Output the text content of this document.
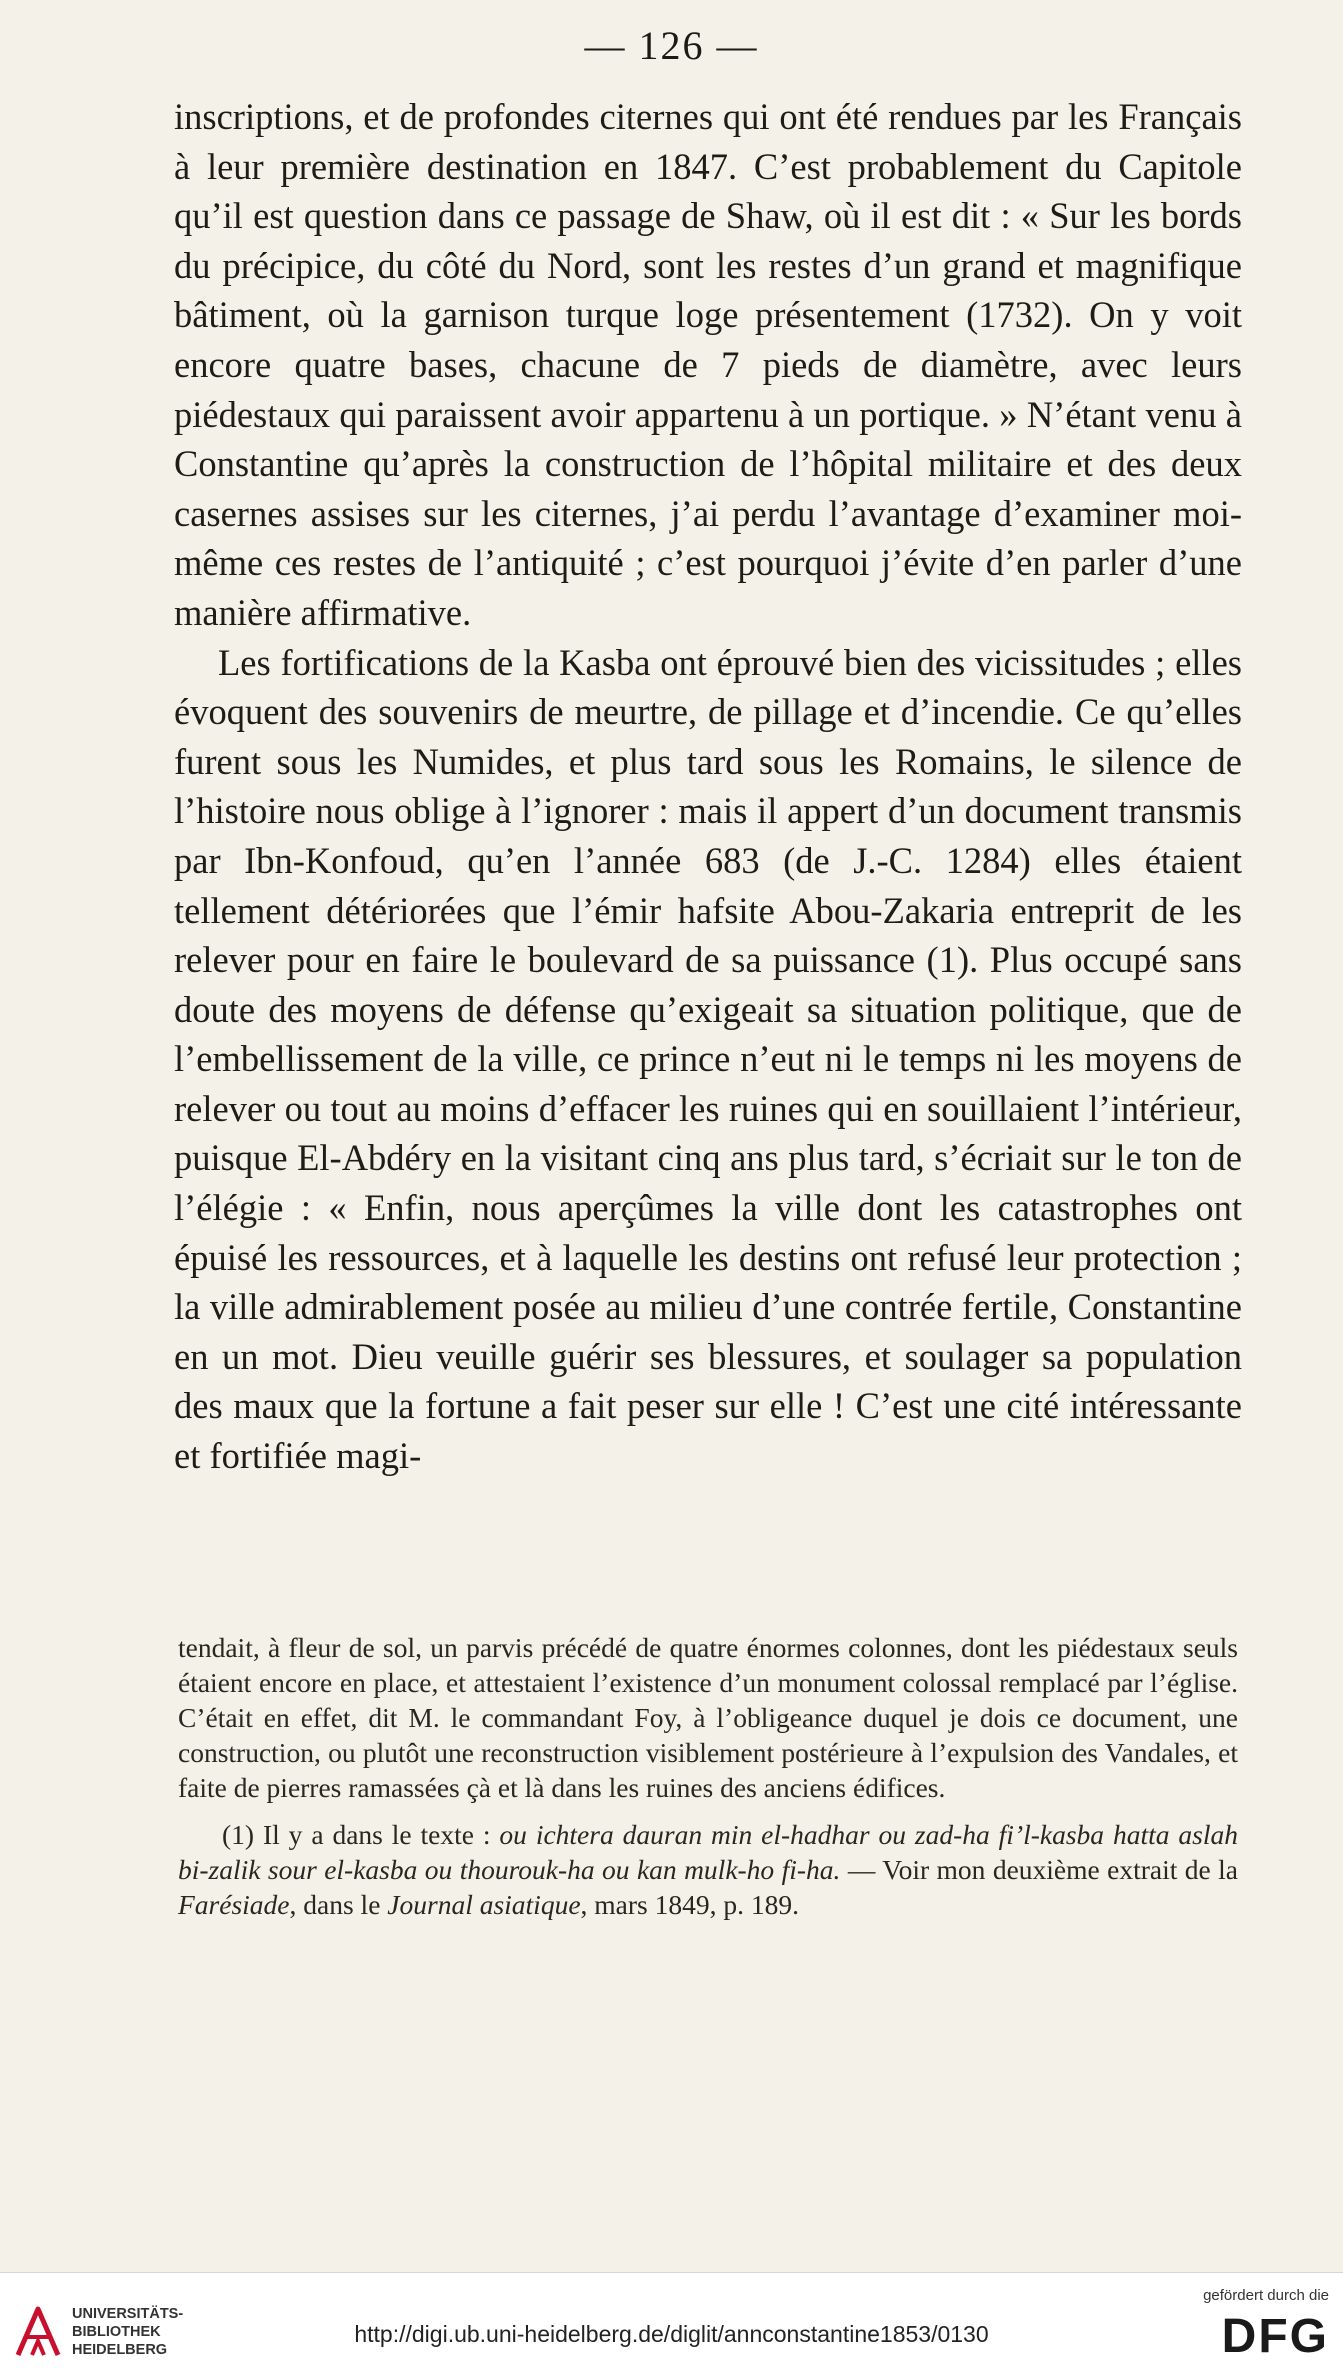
— 126 —

inscriptions, et de profondes citernes qui ont été rendues par les Français à leur première destination en 1847. C’est probablement du Capitole qu’il est question dans ce passage de Shaw, où il est dit : « Sur les bords du précipice, du côté du Nord, sont les restes d’un grand et magnifique bâtiment, où la garnison turque loge présentement (1732). On y voit encore quatre bases, chacune de 7 pieds de diamètre, avec leurs piédestaux qui paraissent avoir appartenu à un portique. » N’étant venu à Constantine qu’après la construction de l’hôpital militaire et des deux casernes assises sur les citernes, j’ai perdu l’avantage d’examiner moi-même ces restes de l’antiquité ; c’est pourquoi j’évite d’en parler d’une manière affirmative.

Les fortifications de la Kasba ont éprouvé bien des vicissitudes ; elles évoquent des souvenirs de meurtre, de pillage et d’incendie. Ce qu’elles furent sous les Numides, et plus tard sous les Romains, le silence de l’histoire nous oblige à l’ignorer : mais il appert d’un document transmis par Ibn-Konfoud, qu’en l’année 683 (de J.-C. 1284) elles étaient tellement détériorées que l’émir hafsite Abou-Zakaria entreprit de les relever pour en faire le boulevard de sa puissance (1). Plus occupé sans doute des moyens de défense qu’exigeait sa situation politique, que de l’embellissement de la ville, ce prince n’eut ni le temps ni les moyens de relever ou tout au moins d’effacer les ruines qui en souillaient l’intérieur, puisque El-Abdéry en la visitant cinq ans plus tard, s’écriait sur le ton de l’élégie : « Enfin, nous aperçûmes la ville dont les catastrophes ont épuisé les ressources, et à laquelle les destins ont refusé leur protection ; la ville admirablement posée au milieu d’une contrée fertile, Constantine en un mot. Dieu veuille guérir ses blessures, et soulager sa population des maux que la fortune a fait peser sur elle ! C’est une cité intéressante et fortifiée magi-

tendait, à fleur de sol, un parvis précédé de quatre énormes colonnes, dont les piédestaux seuls étaient encore en place, et attestaient l’existence d’un monument colossal remplacé par l’église. C’était en effet, dit M. le commandant Foy, à l’obligeance duquel je dois ce document, une construction, ou plutôt une reconstruction visiblement postérieure à l’expulsion des Vandales, et faite de pierres ramassées çà et là dans les ruines des anciens édifices.

(1) Il y a dans le texte : ou ichtera dauran min el-hadhar ou zad-ha fi’l-kasba hatta aslah bi-zalik sour el-kasba ou thourouk-ha ou kan mulk-ho fi-ha. — Voir mon deuxième extrait de la Farésiade, dans le Journal asiatique, mars 1849, p. 189.

UNIVERSITÄTS-
BIBLIOTHEK
HEIDELBERG
http://digi.ub.uni-heidelberg.de/diglit/annconstantine1853/0130
gefördert durch die
DFG
